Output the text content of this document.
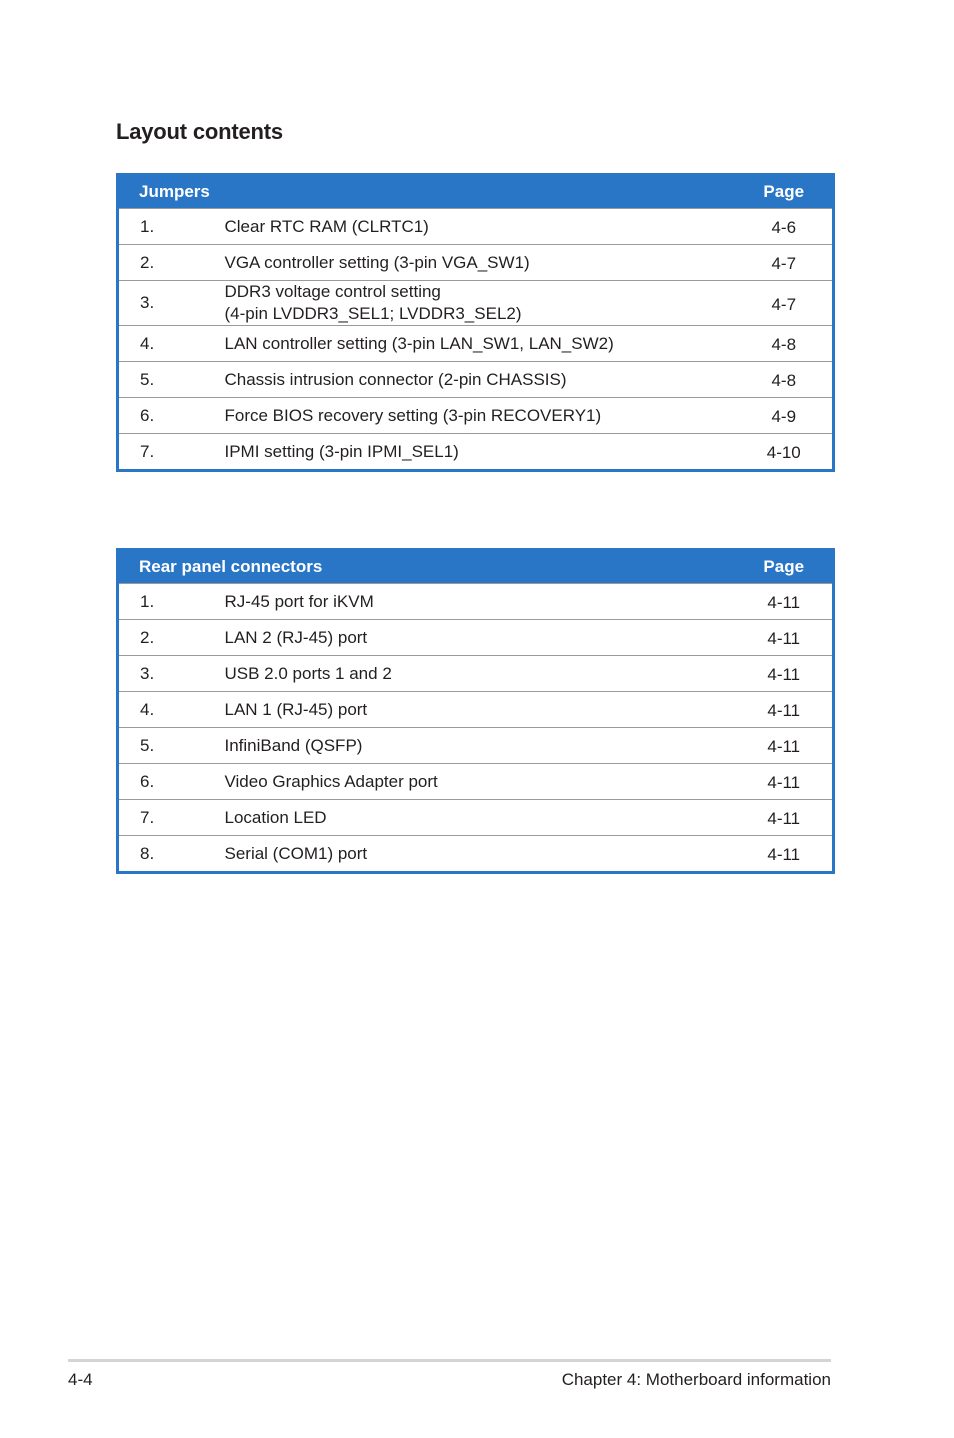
Layout contents
Jumpers		Page
1.	Clear RTC RAM (CLRTC1)	4-6
2.	VGA controller setting (3-pin VGA_SW1)	4-7
3.	DDR3 voltage control setting
(4-pin LVDDR3_SEL1; LVDDR3_SEL2)	4-7
4.	LAN controller setting (3-pin LAN_SW1, LAN_SW2)	4-8
5.	Chassis intrusion connector (2-pin CHASSIS)	4-8
6.	Force BIOS recovery setting (3-pin RECOVERY1)	4-9
7.	IPMI setting (3-pin IPMI_SEL1)	4-10
Rear panel connectors		Page
1.	RJ-45 port for iKVM	4-11
2.	LAN 2 (RJ-45) port	4-11
3.	USB 2.0 ports 1 and 2	4-11
4.	LAN 1 (RJ-45) port	4-11
5.	InfiniBand (QSFP)	4-11
6.	Video Graphics Adapter port	4-11
7.	Location LED	4-11
8.	Serial (COM1) port	4-11
4-4	Chapter 4: Motherboard information
